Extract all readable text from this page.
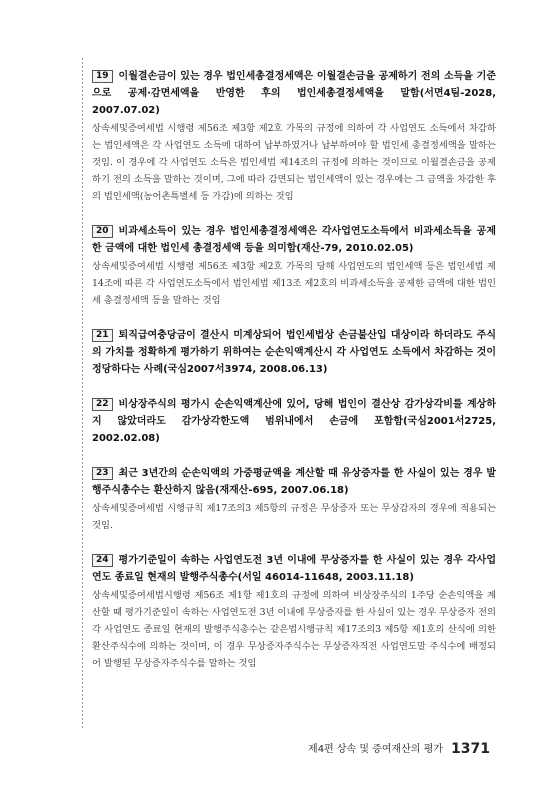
19 이월결손금이 있는 경우 법인세총결정세액은 이월결손금을 공제하기 전의 소득을 기준으로 공제·감면세액을 반영한 후의 법인세총결정세액을 말함(서면4팀-2028, 2007.07.02)
상속세및증여세법 시행령 제56조 제3항 제2호 가목의 규정에 의하여 각 사업연도 소득에서 차감하는 법인세액은 각 사업연도 소득에 대하여 납부하였거나 납부하여야 할 법인세 총결정세액을 말하는 것임. 이 경우에 각 사업연도 소득은 법인세법 제14조의 규정에 의하는 것이므로 이월결손금을 공제하기 전의 소득을 말하는 것이며, 그에 따라 감면되는 법인세액이 있는 경우에는 그 금액을 차감한 후의 법인세액(농어촌특별세 등 가감)에 의하는 것임
20 비과세소득이 있는 경우 법인세총결정세액은 각사업연도소득에서 비과세소득을 공제한 금액에 대한 법인세 총결정세액 등을 의미함(재산-79, 2010.02.05)
상속세및증여세법 시행령 제56조 제3항 제2호 가목의 당해 사업연도의 법인세액 등은 법인세법 제14조에 따른 각 사업연도소득에서 법인세법 제13조 제2호의 비과세소득을 공제한 금액에 대한 법인세 총결정세액 등을 말하는 것임
21 퇴직급여충당금이 결산시 미계상되어 법인세법상 손금불산입 대상이라 하더라도 주식의 가치를 정확하게 평가하기 위하여는 순손익액계산시 각 사업연도 소득에서 차감하는 것이 정당하다는 사례(국심2007서3974, 2008.06.13)
22 비상장주식의 평가시 순손익액계산에 있어, 당해 법인이 결산상 감가상각비를 계상하지 않았더라도 감가상각한도액 범위내에서 손금에 포함함(국심2001서2725, 2002.02.08)
23 최근 3년간의 순손익액의 가중평균액을 계산할 때 유상증자를 한 사실이 있는 경우 발행주식총수는 환산하지 않음(재재산-695, 2007.06.18)
상속세및증여세법 시행규칙 제17조의3 제5항의 규정은 무상증자 또는 무상감자의 경우에 적용되는 것임.
24 평가기준일이 속하는 사업연도전 3년 이내에 무상증자를 한 사실이 있는 경우 각사업연도 종료일 현재의 발행주식총수(서일 46014-11648, 2003.11.18)
상속세및증여세법시행령 제56조 제1항 제1호의 규정에 의하여 비상장주식의 1주당 순손익액을 계산할 때 평가기준일이 속하는 사업연도전 3년 이내에 무상증자를 한 사실이 있는 경우 무상증자 전의 각 사업연도 종료일 현재의 발행주식총수는 같은법시행규칙 제17조의3 제5항 제1호의 산식에 의한 환산주식수에 의하는 것이며, 이 경우 무상증자주식수는 무상증자직전 사업연도말 주식수에 배정되어 발행된 무상증자주식수를 말하는 것임
제4편 상속 및 증여재산의 평가 1371
